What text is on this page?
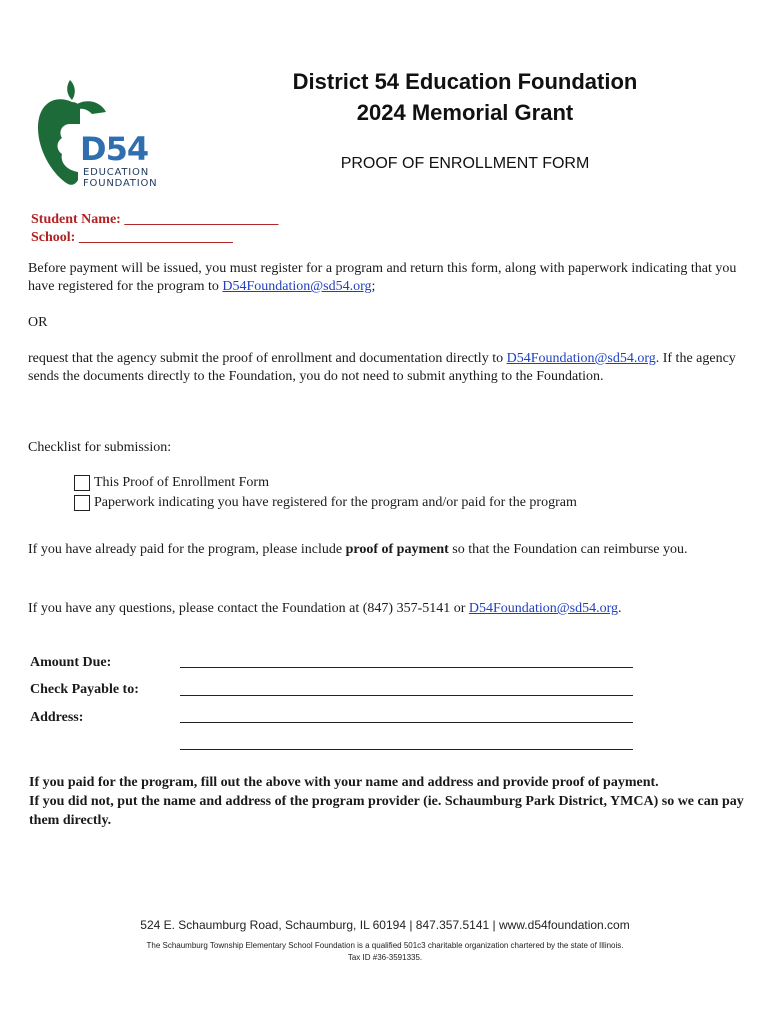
D54
EDUCATION
FOUNDATION
District 54 Education Foundation
2024 Memorial Grant
PROOF OF ENROLLMENT FORM
Student Name: ______________________
School: ______________________
Before payment will be issued, you must register for a program and return this form, along with paperwork indicating that you have registered for the program to D54Foundation@sd54.org;
OR
request that the agency submit the proof of enrollment and documentation directly to D54Foundation@sd54.org. If the agency sends the documents directly to the Foundation, you do not need to submit anything to the Foundation.
Checklist for submission:
This Proof of Enrollment Form
Paperwork indicating you have registered for the program and/or paid for the program
If you have already paid for the program, please include proof of payment so that the Foundation can reimburse you.
If you have any questions, please contact the Foundation at (847) 357-5141 or D54Foundation@sd54.org.
Amount Due:
Check Payable to:
Address:
If you paid for the program, fill out the above with your name and address and provide proof of payment.
If you did not, put the name and address of the program provider (ie. Schaumburg Park District, YMCA) so we can pay them directly.
524 E. Schaumburg Road, Schaumburg, IL 60194 | 847.357.5141 | www.d54foundation.com
The Schaumburg Township Elementary School Foundation is a qualified 501c3 charitable organization chartered by the state of Illinois.
Tax ID #36-3591335.
